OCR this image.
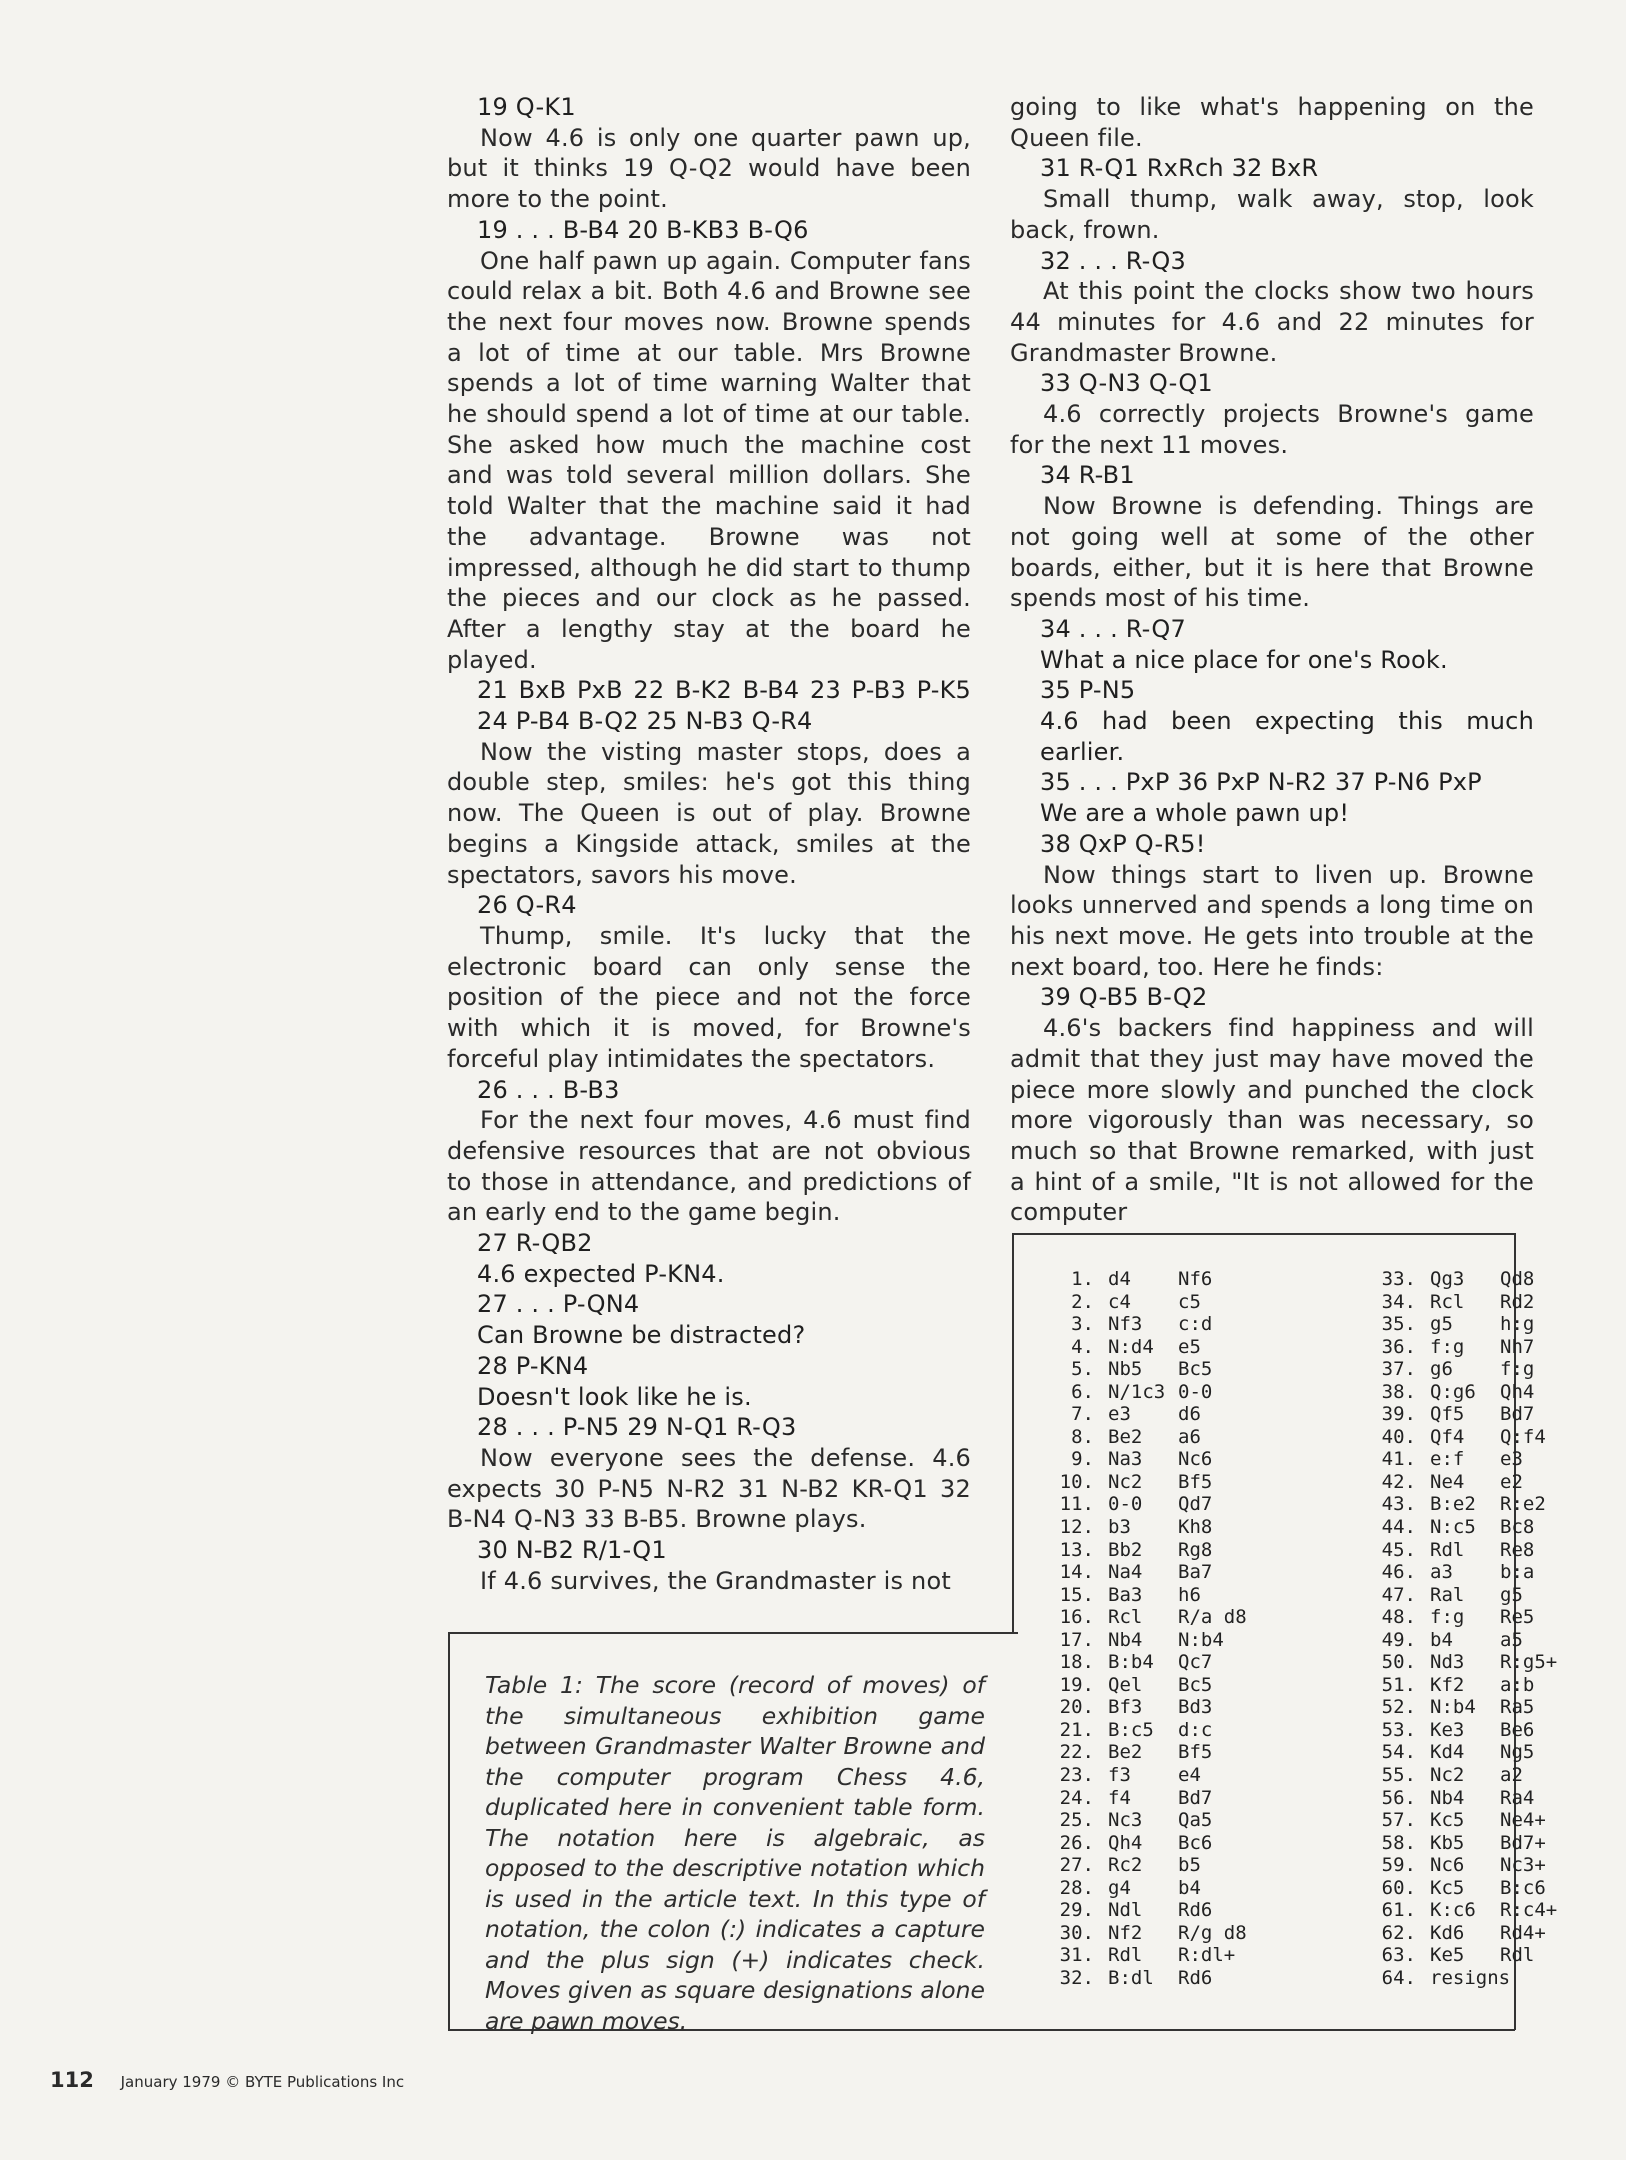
19 Q-K1

Now 4.6 is only one quarter pawn up, but it thinks 19 Q-Q2 would have been more to the point.

19 . . . B-B4 20 B-KB3 B-Q6

One half pawn up again. Computer fans could relax a bit. Both 4.6 and Browne see the next four moves now. Browne spends a lot of time at our table. Mrs Browne spends a lot of time warning Walter that he should spend a lot of time at our table. She asked how much the machine cost and was told several million dollars. She told Walter that the machine said it had the advantage. Browne was not impressed, although he did start to thump the pieces and our clock as he passed. After a lengthy stay at the board he played.

21 BxB PxB 22 B-K2 B-B4 23 P-B3 P-K5 24 P-B4 B-Q2 25 N-B3 Q-R4

Now the visting master stops, does a double step, smiles: he's got this thing now. The Queen is out of play. Browne begins a Kingside attack, smiles at the spectators, savors his move.

26 Q-R4

Thump, smile. It's lucky that the electronic board can only sense the position of the piece and not the force with which it is moved, for Browne's forceful play intimidates the spectators.

26 . . . B-B3

For the next four moves, 4.6 must find defensive resources that are not obvious to those in attendance, and predictions of an early end to the game begin.

27 R-QB2

4.6 expected P-KN4.

27 . . . P-QN4

Can Browne be distracted?

28 P-KN4

Doesn't look like he is.

28 . . . P-N5 29 N-Q1 R-Q3

Now everyone sees the defense. 4.6 expects 30 P-N5 N-R2 31 N-B2 KR-Q1 32 B-N4 Q-N3 33 B-B5. Browne plays.

30 N-B2 R/1-Q1

If 4.6 survives, the Grandmaster is not

going to like what's happening on the Queen file.

31 R-Q1 RxRch 32 BxR

Small thump, walk away, stop, look back, frown.

32 . . . R-Q3

At this point the clocks show two hours 44 minutes for 4.6 and 22 minutes for Grandmaster Browne.

33 Q-N3 Q-Q1

4.6 correctly projects Browne's game for the next 11 moves.

34 R-B1

Now Browne is defending. Things are not going well at some of the other boards, either, but it is here that Browne spends most of his time.

34 . . . R-Q7

What a nice place for one's Rook.

35 P-N5

4.6 had been expecting this much earlier.

35 . . . PxP 36 PxP N-R2 37 P-N6 PxP

We are a whole pawn up!

38 QxP Q-R5!

Now things start to liven up. Browne looks unnerved and spends a long time on his next move. He gets into trouble at the next board, too. Here he finds:

39 Q-B5 B-Q2

4.6's backers find happiness and will admit that they just may have moved the piece more slowly and punched the clock more vigorously than was necessary, so much so that Browne remarked, with just a hint of a smile, "It is not allowed for the computer

Table 1: The score (record of moves) of the simultaneous exhibition game between Grandmaster Walter Browne and the computer program Chess 4.6, duplicated here in convenient table form. The notation here is algebraic, as opposed to the descriptive notation which is used in the article text. In this type of notation, the colon (:) indicates a capture and the plus sign (+) indicates check. Moves given as square designations alone are pawn moves.
1. d4	Nf6
2. c4	c5
3. Nf3	c:d
4. N:d4	e5
5. Nb5	Bc5
6. N/1c3 0-0
7. e3	d6
8. Be2	a6
9. Na3	Nc6
10. Nc2	Bf5
11. 0-0	Qd7
12. b3	Kh8
13. Bb2	Rg8
14. Na4	Ba7
15. Ba3	h6
16. Rcl	R/a d8
17. Nb4	N:b4
18. B:b4	Qc7
19. Qel	Bc5
20. Bf3	Bd3
21. B:c5	d:c
22. Be2	Bf5
23. f3	e4
24. f4	Bd7
25. Nc3	Qa5
26. Qh4	Bc6
27. Rc2	b5
28. g4	b4
29. Ndl	Rd6
30. Nf2	R/g d8
31. Rdl	R:dl+
32. B:dl	Rd6
33. Qg3	Qd8
34. Rcl	Rd2
35. g5	h:g
36. f:g	Nh7
37. g6	f:g
38. Q:g6	Qh4
39. Qf5	Bd7
40. Qf4	Q:f4
41. e:f	e3
42. Ne4	e2
43. B:e2	R:e2
44. N:c5	Bc8
45. Rdl	Re8
46. a3	b:a
47. Ral	g5
48. f:g	Re5
49. b4	a5
50. Nd3	R:g5+
51. Kf2	a:b
52. N:b4	Ra5
53. Ke3	Be6
54. Kd4	Ng5
55. Nc2	a2
56. Nb4	Ra4
57. Kc5	Ne4+
58. Kb5	Bd7+
59. Nc6	Nc3+
60. Kc5	B:c6
61. K:c6	R:c4+
62. Kd6	Rd4+
63. Ke5	Rdl
64. resigns
112 January 1979 © BYTE Publications Inc
